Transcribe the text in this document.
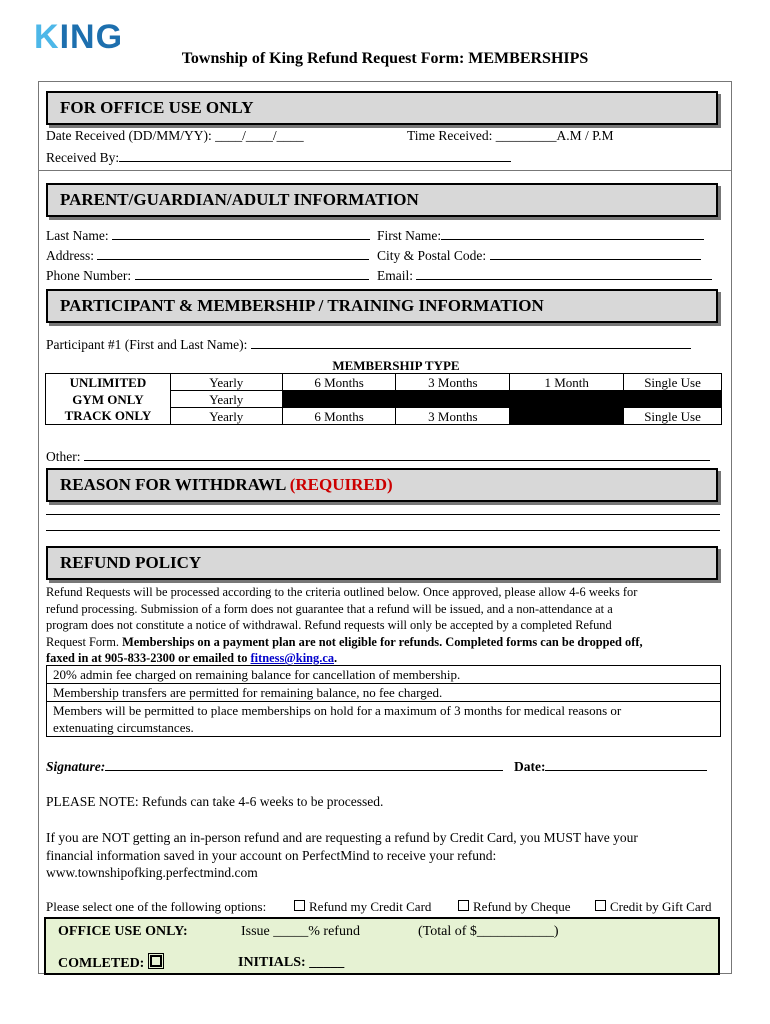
KING
Township of King Refund Request Form: MEMBERSHIPS
FOR OFFICE USE ONLY
Date Received (DD/MM/YY): ____/____/____	Time Received: _________A.M / P.M
Received By:
PARENT/GUARDIAN/ADULT INFORMATION
Last Name:	First Name:
Address:	City & Postal Code:
Phone Number:	Email:
PARTICIPANT & MEMBERSHIP / TRAINING INFORMATION
Participant #1 (First and Last Name):
		MEMBERSHIP TYPE			
UNLIMITED	Yearly	6 Months	3 Months	1 Month	Single Use
GYM ONLY	Yearly				
TRACK ONLY	Yearly	6 Months	3 Months		Single Use
Other:
REASON FOR WITHDRAWL (REQUIRED)
REFUND POLICY
Refund Requests will be processed according to the criteria outlined below. Once approved, please allow 4-6 weeks for
refund processing. Submission of a form does not guarantee that a refund will be issued, and a non-attendance at a
program does not constitute a notice of withdrawal. Refund requests will only be accepted by a completed Refund
Request Form. Memberships on a payment plan are not eligible for refunds. Completed forms can be dropped off,
faxed in at 905-833-2300 or emailed to fitness@king.ca.
20% admin fee charged on remaining balance for cancellation of membership.
Membership transfers are permitted for remaining balance, no fee charged.

Members will be permitted to place memberships on hold for a maximum of 3 months for medical reasons or
extenuating circumstances.
Signature:	Date:
PLEASE NOTE: Refunds can take 4-6 weeks to be processed.
If you are NOT getting an in-person refund and are requesting a refund by Credit Card, you MUST have your
financial information saved in your account on PerfectMind to receive your refund:
www.townshipofking.perfectmind.com
Please select one of the following options:	Refund my Credit Card	Refund by Cheque	Credit by Gift Card
OFFICE USE ONLY:	Issue _____% refund	(Total of $___________)
COMLETED:	INITIALS: _____
